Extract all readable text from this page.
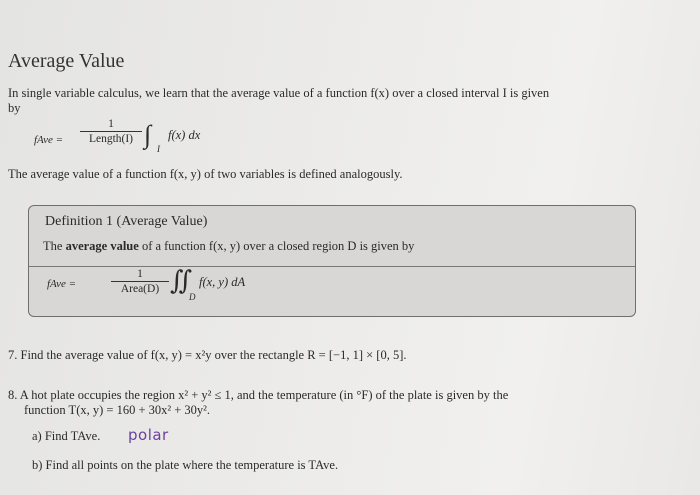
Average Value
In single variable calculus, we learn that the average value of a function f(x) over a closed interval I is given
by
fAve =
1
Length(I) ∫ I
f(x) dx
The average value of a function f(x, y) of two variables is defined analogously.
Definition 1 (Average Value)
The average value of a function f(x, y) over a closed region D is given by
fAve =
1
Area(D) ∬
D
f(x, y) dA
7. Find the average value of f(x, y) = x²y over the rectangle R = [−1, 1] × [0, 5].
8. A hot plate occupies the region x² + y² ≤ 1, and the temperature (in °F) of the plate is given by the
function T(x, y) = 160 + 30x² + 30y².
a) Find TAve. polar
b) Find all points on the plate where the temperature is TAve.
